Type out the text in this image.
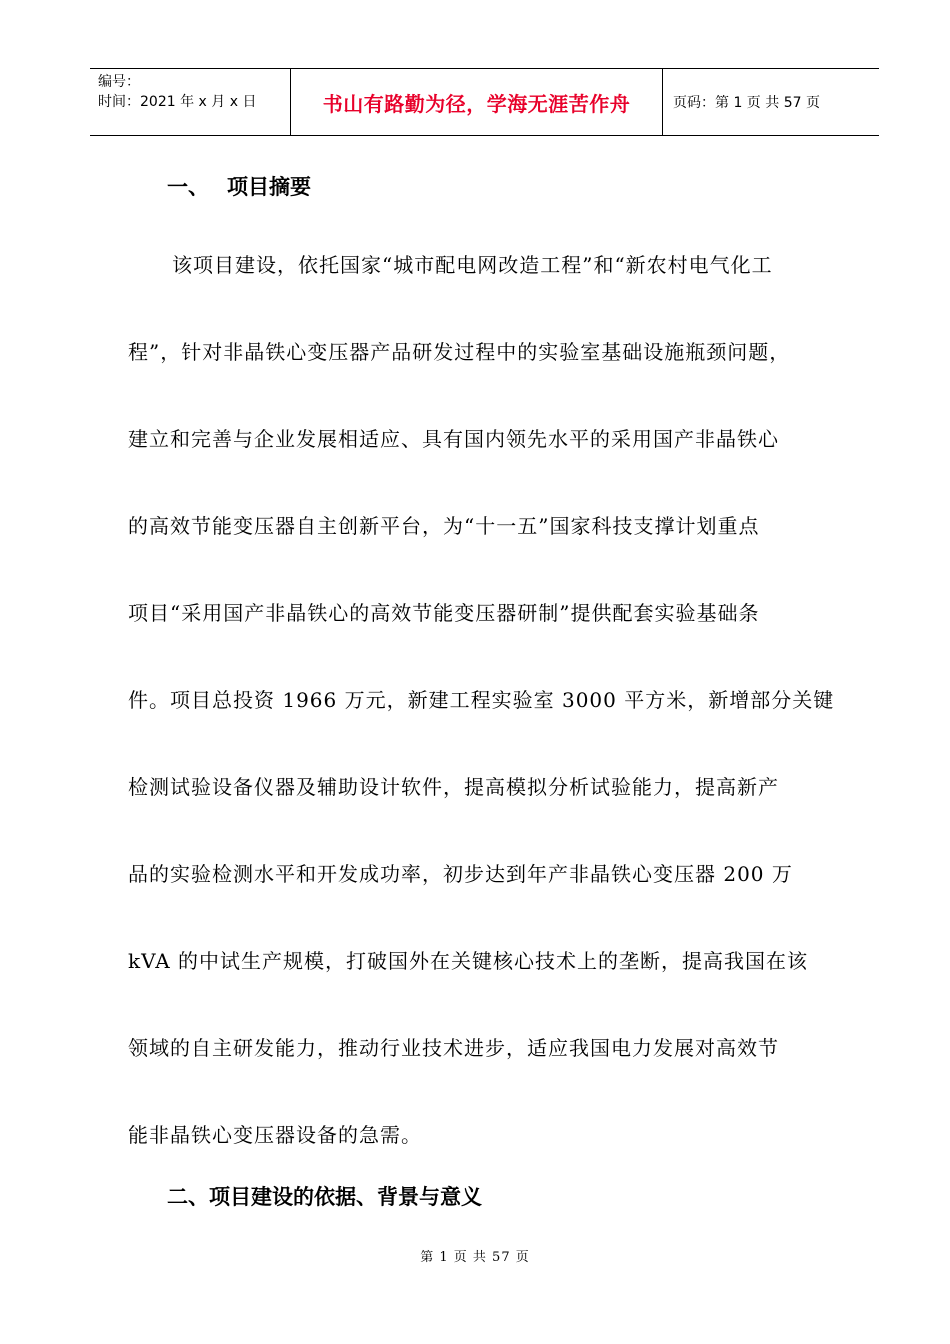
编号：
时间：2021 年 x 月 x 日	书山有路勤为径，学海无涯苦作舟	页码：第 1 页 共 57 页
一、 项目摘要
该项目建设，依托国家“城市配电网改造工程”和“新农村电气化工
程”，针对非晶铁心变压器产品研发过程中的实验室基础设施瓶颈问题，
建立和完善与企业发展相适应、具有国内领先水平的采用国产非晶铁心
的高效节能变压器自主创新平台，为“十一五”国家科技支撑计划重点
项目“采用国产非晶铁心的高效节能变压器研制”提供配套实验基础条
件。项目总投资 1966 万元，新建工程实验室 3000 平方米，新增部分关键
检测试验设备仪器及辅助设计软件，提高模拟分析试验能力，提高新产
品的实验检测水平和开发成功率，初步达到年产非晶铁心变压器 200 万
kVA 的中试生产规模，打破国外在关键核心技术上的垄断，提高我国在该
领域的自主研发能力，推动行业技术进步，适应我国电力发展对高效节
能非晶铁心变压器设备的急需。
二、项目建设的依据、背景与意义
第 1 页 共 57 页
